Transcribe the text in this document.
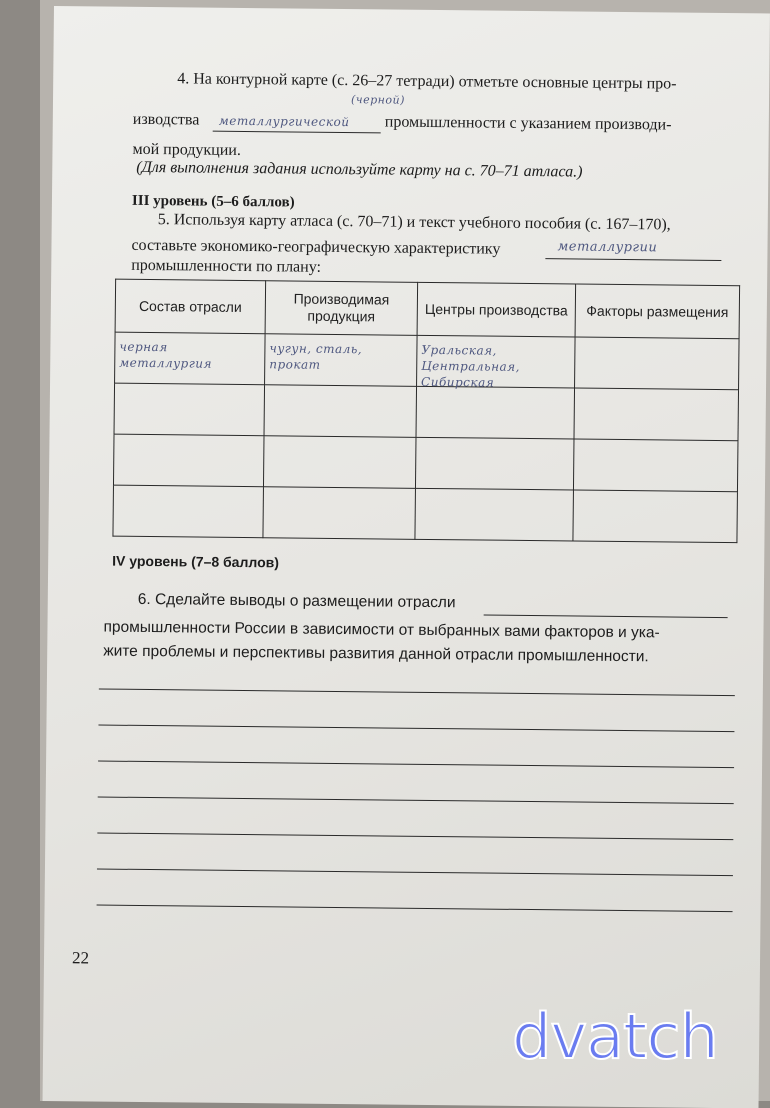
4. На контурной карте (с. 26–27 тетради) отметьте основные центры про-
изводства металлургической
(черной)
промышленности с указанием производи-
мой продукции.
(Для выполнения задания используйте карту на с. 70–71 атласа.)
III уровень (5–6 баллов)
5. Используя карту атласа (с. 70–71) и текст учебного пособия (с. 167–170),
составьте экономико-географическую характеристику	металлургии
промышленности по плану:
Состав отрасли	Производимая продукция	Центры производства	Факторы размещения

черная металлургия	чугун, сталь, прокат	Уральская, Центральная, Сибирская	

IV уровень (7–8 баллов)
6. Сделайте выводы о размещении отрасли
промышленности России в зависимости от выбранных вами факторов и ука-
жите проблемы и перспективы развития данной отрасли промышленности.
22
dvatch
